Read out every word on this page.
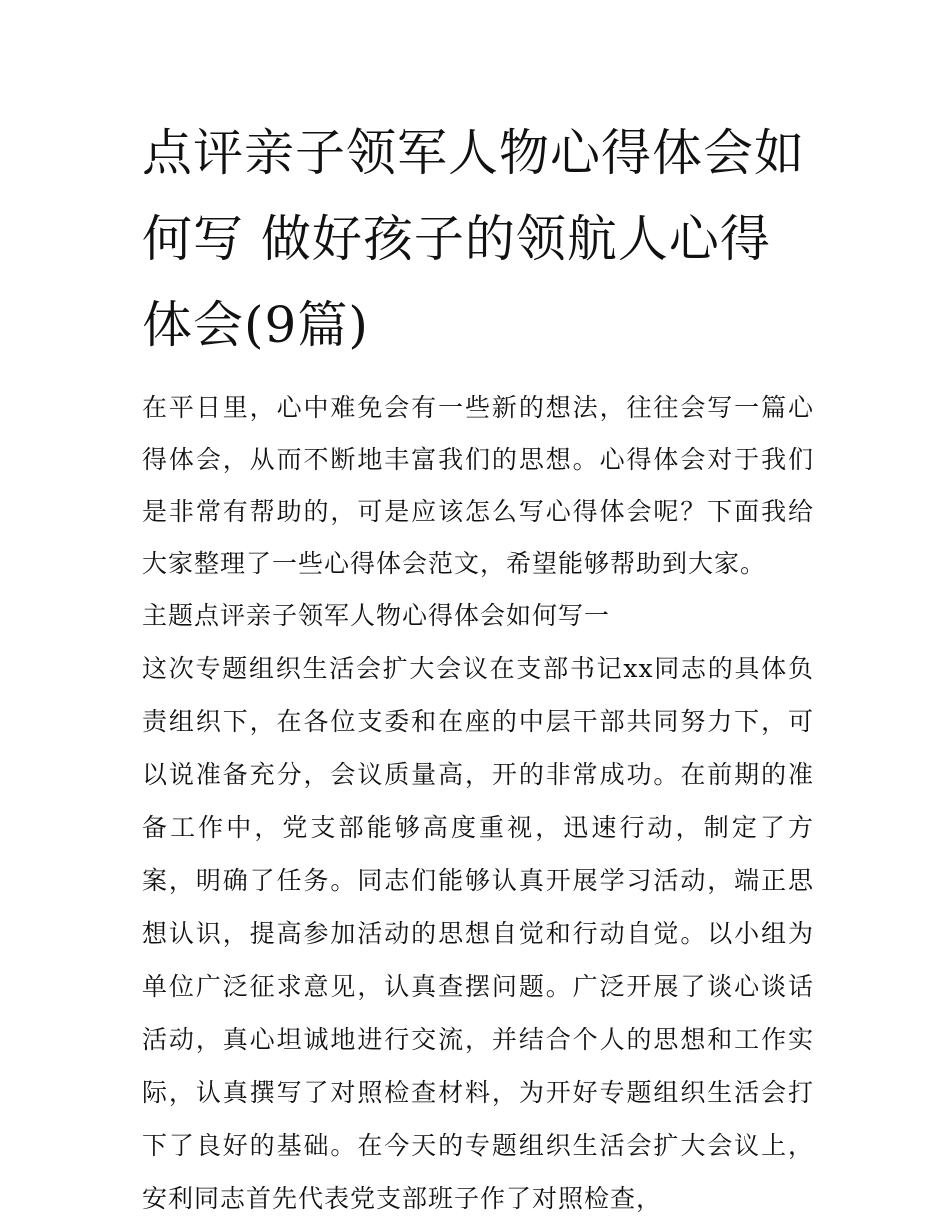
点评亲子领军人物心得体会如何写 做好孩子的领航人心得体会(9篇)

在平日里，心中难免会有一些新的想法，往往会写一篇心得体会，从而不断地丰富我们的思想。心得体会对于我们是非常有帮助的，可是应该怎么写心得体会呢？下面我给大家整理了一些心得体会范文，希望能够帮助到大家。

主题点评亲子领军人物心得体会如何写一

这次专题组织生活会扩大会议在支部书记xx同志的具体负责组织下，在各位支委和在座的中层干部共同努力下，可以说准备充分，会议质量高，开的非常成功。在前期的准备工作中，党支部能够高度重视，迅速行动，制定了方案，明确了任务。同志们能够认真开展学习活动，端正思想认识，提高参加活动的思想自觉和行动自觉。以小组为单位广泛征求意见，认真查摆问题。广泛开展了谈心谈话活动，真心坦诚地进行交流，并结合个人的思想和工作实际，认真撰写了对照检查材料，为开好专题组织生活会打下了良好的基础。在今天的专题组织生活会扩大会议上，安利同志首先代表党支部班子作了对照检查，
